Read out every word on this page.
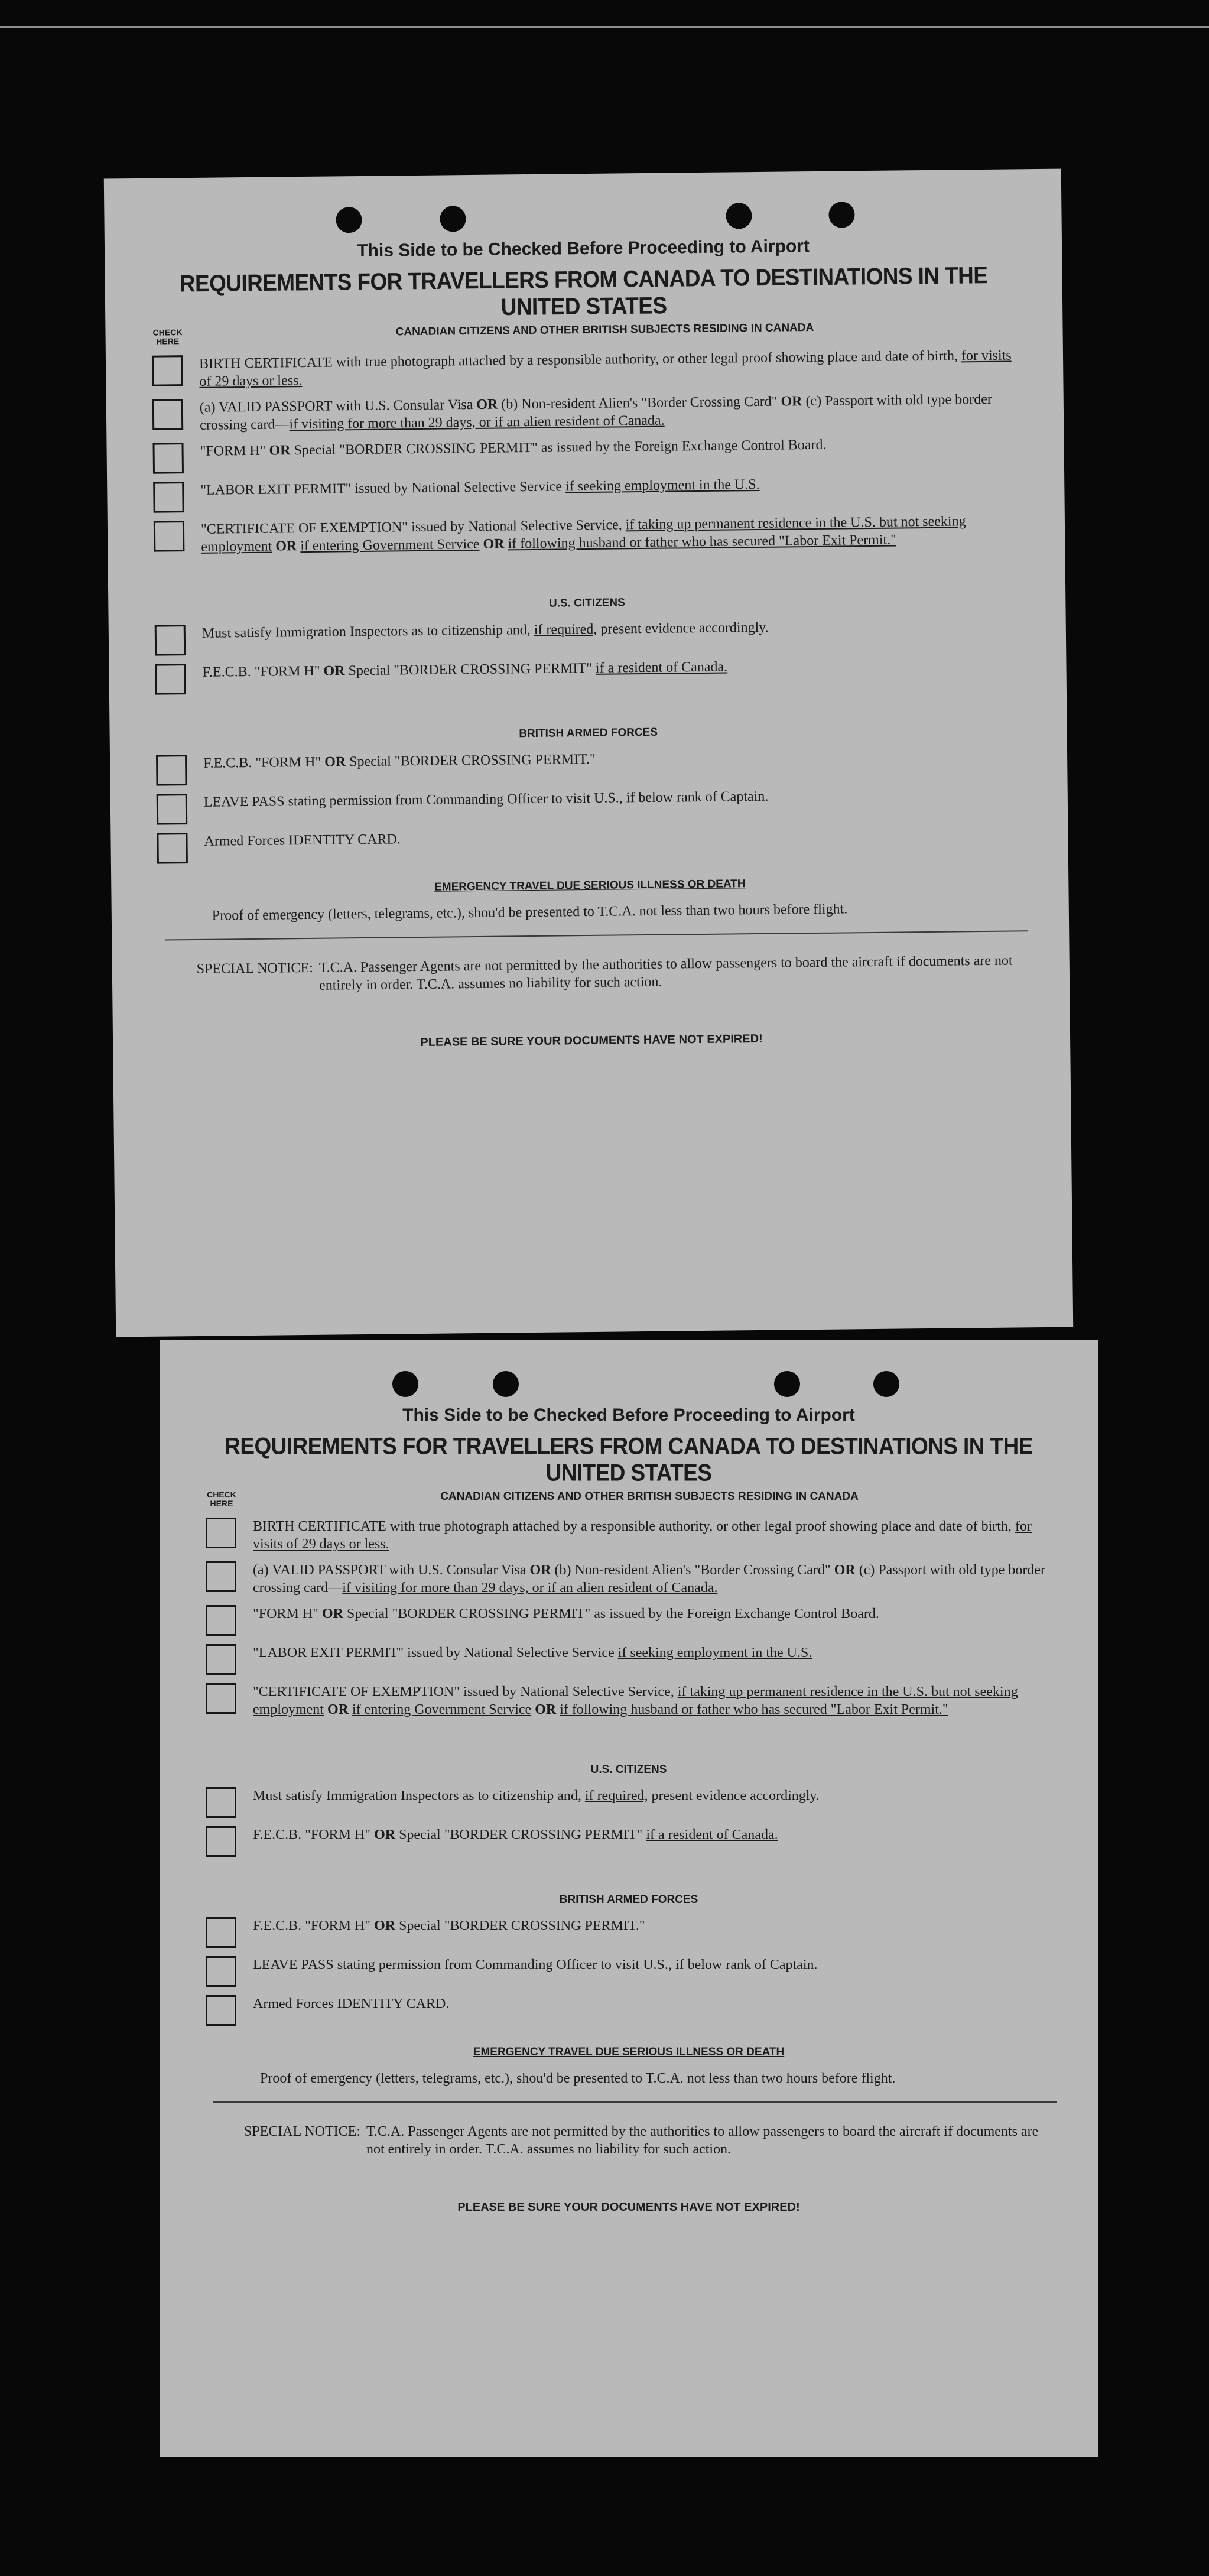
This Side to be Checked Before Proceeding to Airport
REQUIREMENTS FOR TRAVELLERS FROM CANADA TO DESTINATIONS IN THE UNITED STATES
CHECK
HERE
CANADIAN CITIZENS AND OTHER BRITISH SUBJECTS RESIDING IN CANADA
BIRTH CERTIFICATE with true photograph attached by a responsible authority, or other legal proof showing place and date of birth, for visits of 29 days or less.
(a) VALID PASSPORT with U.S. Consular Visa OR (b) Non-resident Alien's "Border Crossing Card" OR (c) Passport with old type border crossing card—if visiting for more than 29 days, or if an alien resident of Canada.
"FORM H" OR Special "BORDER CROSSING PERMIT" as issued by the Foreign Exchange Control Board.
"LABOR EXIT PERMIT" issued by National Selective Service if seeking employment in the U.S.
"CERTIFICATE OF EXEMPTION" issued by National Selective Service, if taking up permanent residence in the U.S. but not seeking employment OR if entering Government Service OR if following husband or father who has secured "Labor Exit Permit."
U.S. CITIZENS
Must satisfy Immigration Inspectors as to citizenship and, if required, present evidence accordingly.
F.E.C.B. "FORM H" OR Special "BORDER CROSSING PERMIT" if a resident of Canada.
BRITISH ARMED FORCES
F.E.C.B. "FORM H" OR Special "BORDER CROSSING PERMIT."
LEAVE PASS stating permission from Commanding Officer to visit U.S., if below rank of Captain.
Armed Forces IDENTITY CARD.
EMERGENCY TRAVEL DUE SERIOUS ILLNESS OR DEATH
Proof of emergency (letters, telegrams, etc.), shou'd be presented to T.C.A. not less than two hours before flight.
SPECIAL NOTICE: T.C.A. Passenger Agents are not permitted by the authorities to allow passengers to board the aircraft if documents are not entirely in order. T.C.A. assumes no liability for such action.
PLEASE BE SURE YOUR DOCUMENTS HAVE NOT EXPIRED!
This Side to be Checked Before Proceeding to Airport
REQUIREMENTS FOR TRAVELLERS FROM CANADA TO DESTINATIONS IN THE UNITED STATES
CHECK
HERE
CANADIAN CITIZENS AND OTHER BRITISH SUBJECTS RESIDING IN CANADA
BIRTH CERTIFICATE with true photograph attached by a responsible authority, or other legal proof showing place and date of birth, for visits of 29 days or less.
(a) VALID PASSPORT with U.S. Consular Visa OR (b) Non-resident Alien's "Border Crossing Card" OR (c) Passport with old type border crossing card—if visiting for more than 29 days, or if an alien resident of Canada.
"FORM H" OR Special "BORDER CROSSING PERMIT" as issued by the Foreign Exchange Control Board.
"LABOR EXIT PERMIT" issued by National Selective Service if seeking employment in the U.S.
"CERTIFICATE OF EXEMPTION" issued by National Selective Service, if taking up permanent residence in the U.S. but not seeking employment OR if entering Government Service OR if following husband or father who has secured "Labor Exit Permit."
U.S. CITIZENS
Must satisfy Immigration Inspectors as to citizenship and, if required, present evidence accordingly.
F.E.C.B. "FORM H" OR Special "BORDER CROSSING PERMIT" if a resident of Canada.
BRITISH ARMED FORCES
F.E.C.B. "FORM H" OR Special "BORDER CROSSING PERMIT."
LEAVE PASS stating permission from Commanding Officer to visit U.S., if below rank of Captain.
Armed Forces IDENTITY CARD.
EMERGENCY TRAVEL DUE SERIOUS ILLNESS OR DEATH
Proof of emergency (letters, telegrams, etc.), shou'd be presented to T.C.A. not less than two hours before flight.
SPECIAL NOTICE: T.C.A. Passenger Agents are not permitted by the authorities to allow passengers to board the aircraft if documents are not entirely in order. T.C.A. assumes no liability for such action.
PLEASE BE SURE YOUR DOCUMENTS HAVE NOT EXPIRED!
